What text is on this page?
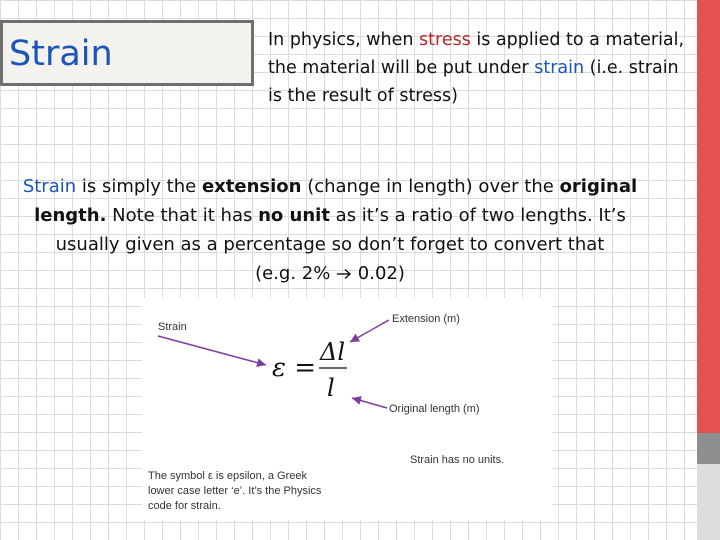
Strain	In physics, when stress is applied to a material, the material will be put under strain (i.e. strain is the result of stress)
Strain is simply the extension (change in length) over the original
length. Note that it has no unit as it’s a ratio of two lengths. It’s
usually given as a percentage so don’t forget to convert that
(e.g. 2%  0.02)
Strain
Extension (m)
Original length (m)
Strain has no units.
ε =
Δl
l
The symbol ε is epsilon, a Greek
lower case letter ‘e’. It’s the Physics
code for strain.
